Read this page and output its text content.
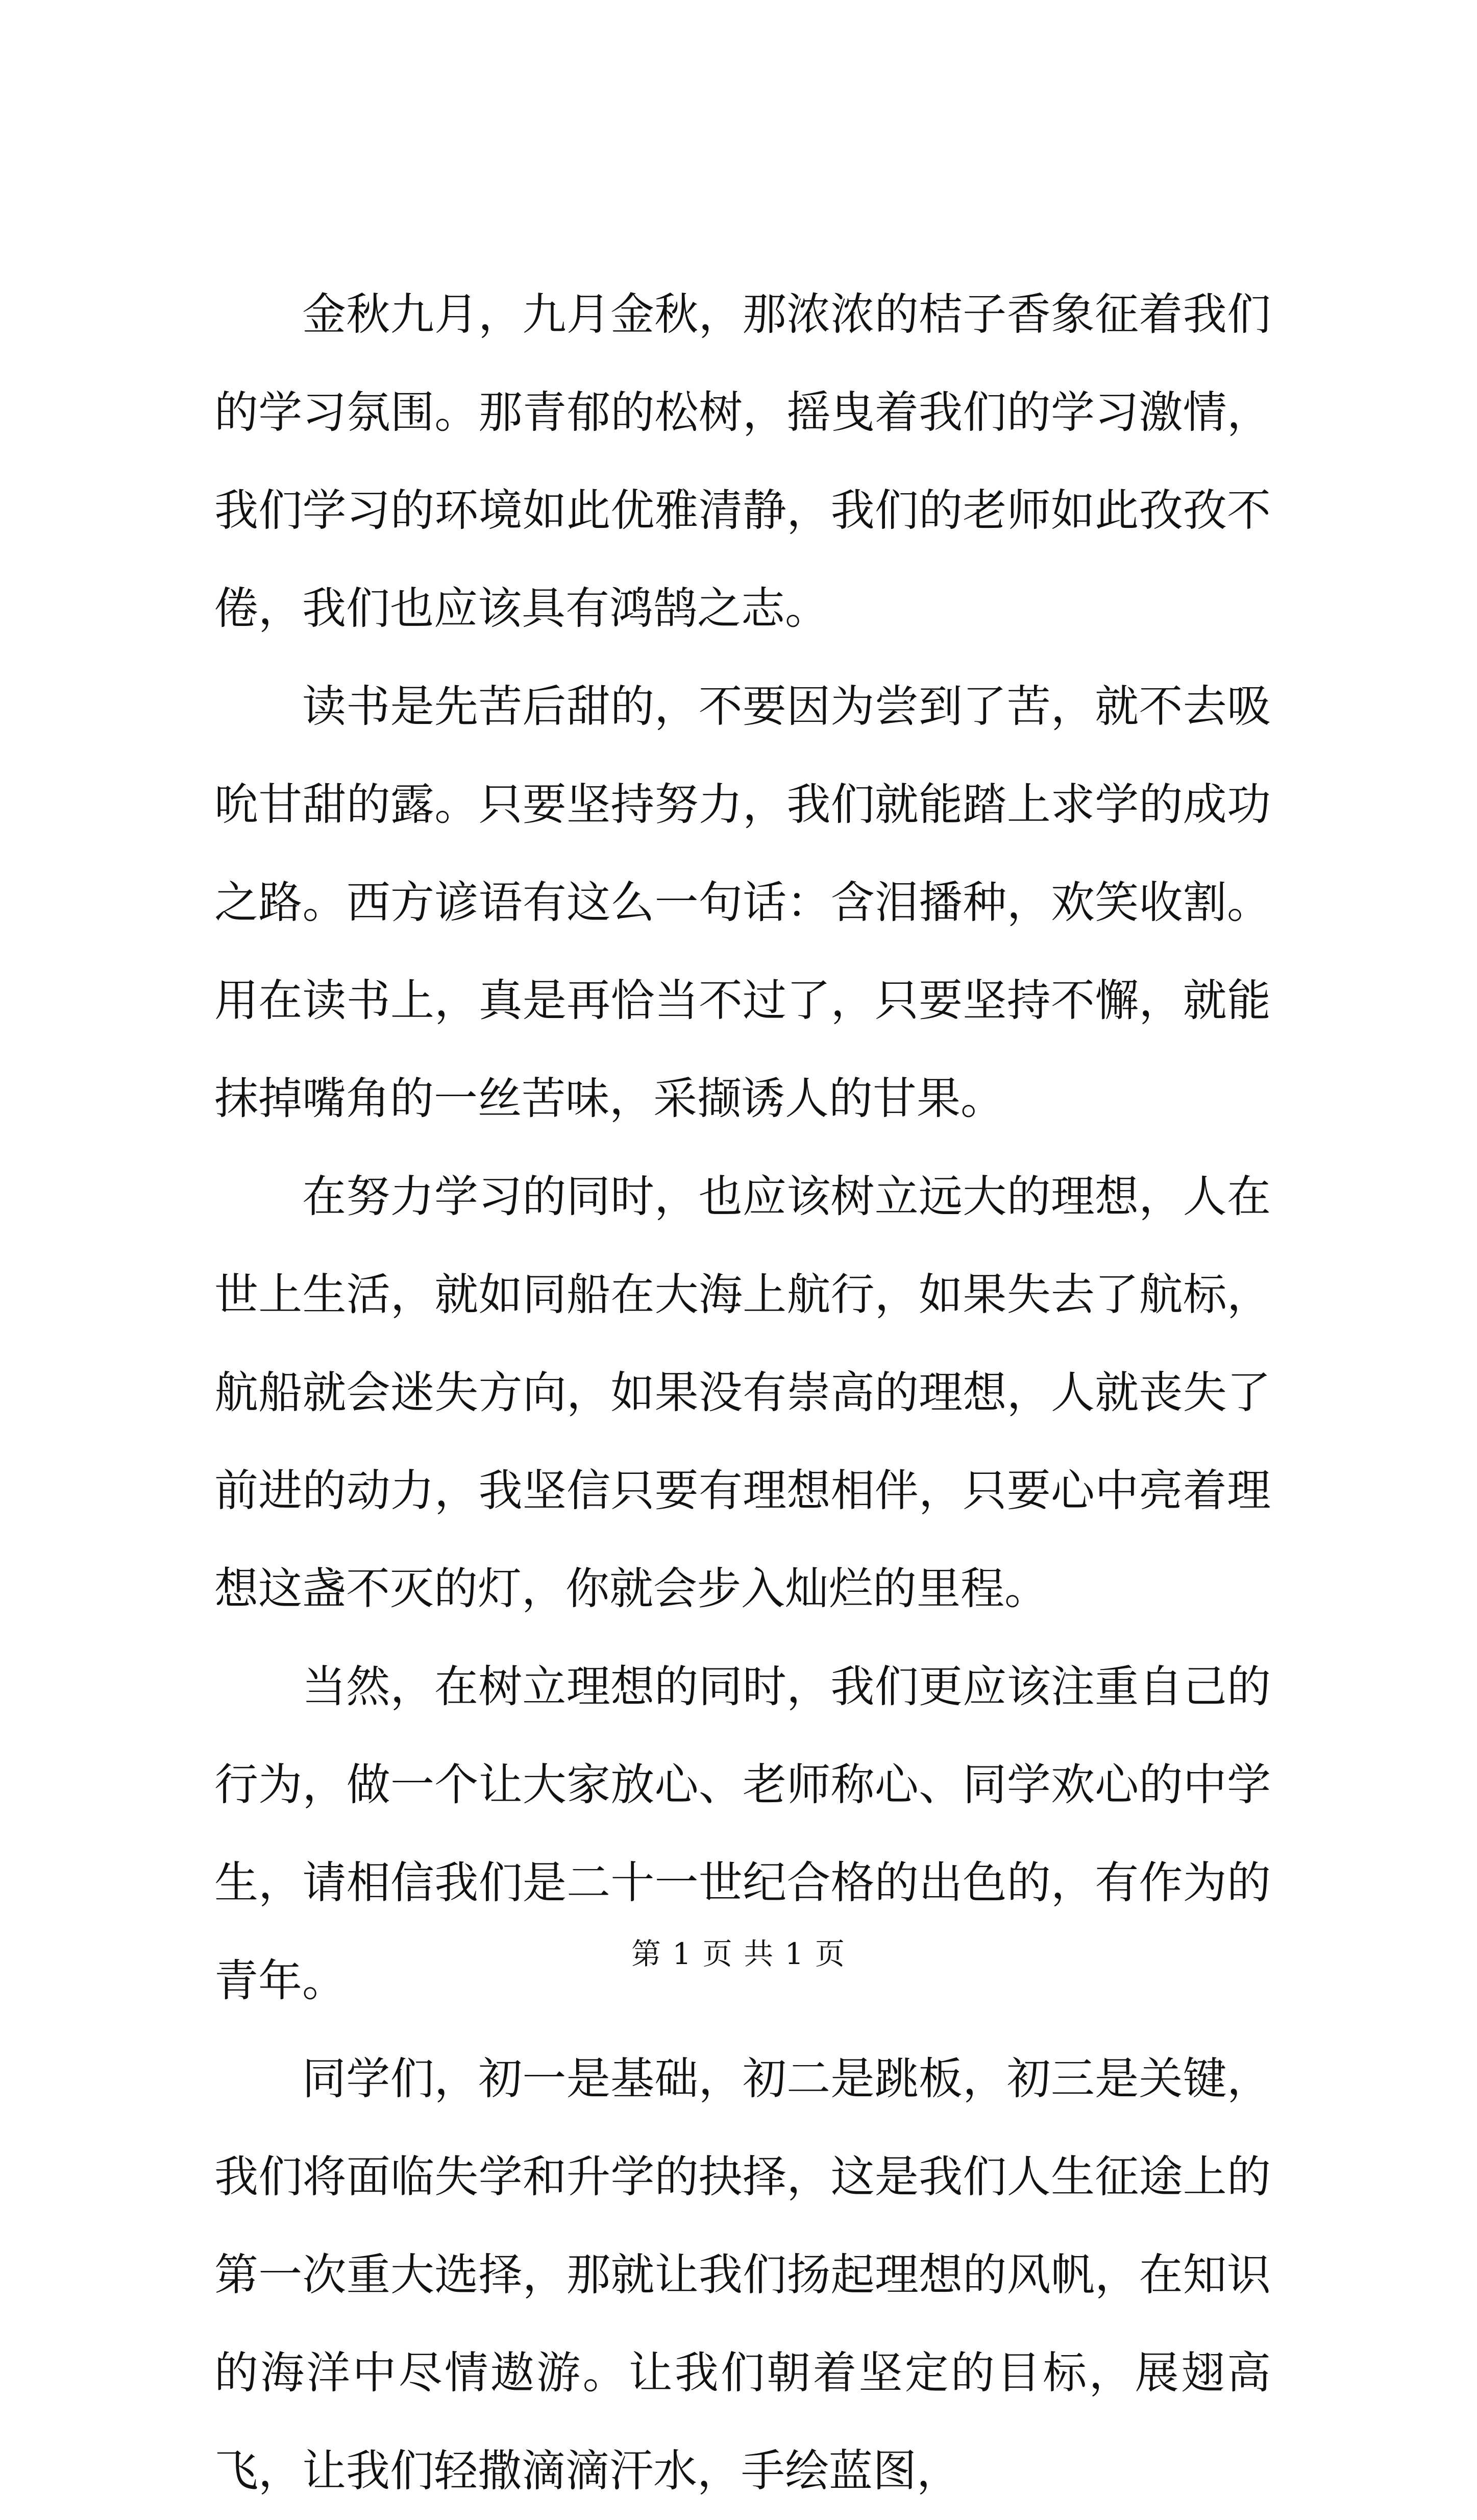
金秋九月，九月金秋，那浓浓的桔子香象征着我们的学习氛围。那青郁的松树，摇曳着我们的学习激情，我们学习的环境如此优雅清静，我们的老师如此孜孜不倦，我们也应该具有鸿鹄之志。

读书是先苦后甜的，不要因为尝到了苦，就不去吸吮甘甜的露。只要坚持努力，我们就能踏上求学的成功之路。西方谚语有这么一句话：含泪播种，欢笑收割。用在读书上，真是再恰当不过了，只要坚持不懈，就能抹掉嘴角的一丝苦味，采撷诱人的甘果。

在努力学习的同时，也应该树立远大的理想，人在世上生活，就如同船在大海上航行，如果失去了航标，航船就会迷失方向，如果没有崇高的理想，人就丧失了前进的动力，我坚信只要有理想相伴，只要心中亮着理想这盏不灭的灯，你就会步入灿烂的里程。

当然，在树立理想的同时，我们更应该注重自己的行为，做一个让大家放心、老师称心、同学欢心的中学生，请相信我们是二十一世纪合格的出色的，有作为的青年。

同学们，初一是基础，初二是跳板，初三是关键，我们将面临失学和升学的抉择，这是我们人生征途上的第一次重大选择，那就让我们扬起理想的风帆，在知识的海洋中尽情遨游。让我们朝着坚定的目标，展翅高飞，让我们轻撒滴滴汗水，手绘蓝图，

第 1 页 共 1 页
